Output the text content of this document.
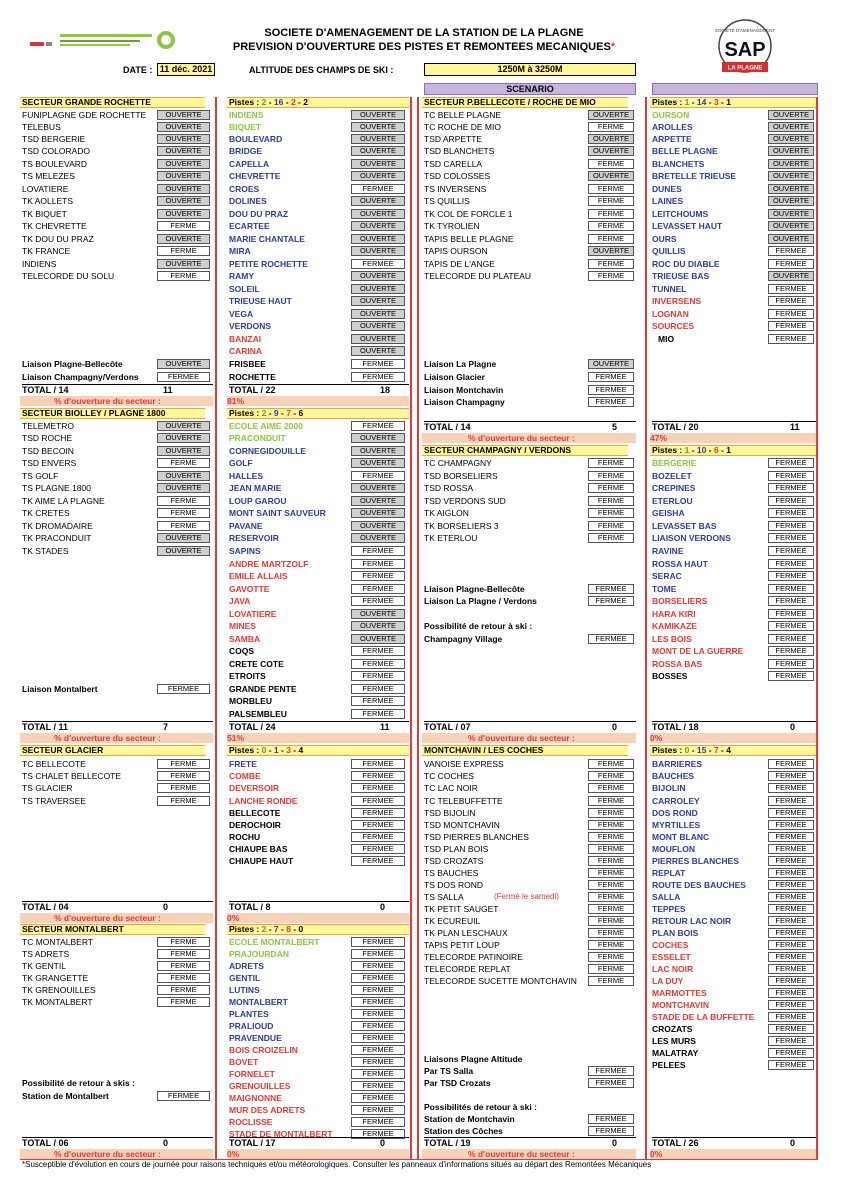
SOCIETE D'AMENAGEMENT DE LA STATION DE LA PLAGNE
PREVISION D'OUVERTURE DES PISTES ET REMONTEES MECANIQUES*
SOCIÉTÉ D'AMÉNAGEMENT
SAP
LA PLAGNE
DATE : 11 déc. 2021	ALTITUDE DES CHAMPS DE SKI :	1250M à 3250M
SCENARIO
SECTEUR GRANDE ROCHETTE
FUNIPLAGNE GDE ROCHETTE	OUVERTE
TELEBUS	OUVERTE
TSD BERGERIE	OUVERTE
TSD COLORADO	OUVERTE
TS BOULEVARD	OUVERTE
TS MELEZES	OUVERTE
LOVATIERE	OUVERTE
TK AOLLETS	OUVERTE
TK BIQUET	OUVERTE
TK CHEVRETTE	FERME
TK DOU DU PRAZ	OUVERTE
TK FRANCE	FERME
INDIENS	OUVERTE
TELECORDE DU SOLU	FERME
Liaison Plagne-Bellecôte	OUVERTE
Liaison Champagny/Verdons	FERMEE
TOTAL / 14	11
% d'ouverture du secteur :
SECTEUR BIOLLEY / PLAGNE 1800
TELEMETRO	OUVERTE
TSD ROCHE	OUVERTE
TSD BECOIN	OUVERTE
TSD ENVERS	FERME
TS GOLF	OUVERTE
TS PLAGNE 1800	OUVERTE
TK AIME LA PLAGNE	FERME
TK CRETES	FERME
TK DROMADAIRE	FERME
TK PRACONDUIT	OUVERTE
TK STADES	OUVERTE
Liaison Montalbert	FERMEE
TOTAL / 11	7
% d'ouverture du secteur :
SECTEUR GLACIER
TC BELLECOTE	FERME
TS CHALET BELLECOTE	FERME
TS GLACIER	FERME
TS TRAVERSEE	FERME
TOTAL / 04	0
% d'ouverture du secteur :
SECTEUR MONTALBERT
TC MONTALBERT	FERME
TS ADRETS	FERME
TK GENTIL	FERME
TK GRANGETTE	FERME
TK GRENOUILLES	FERME
TK MONTALBERT	FERME
Possibilité de retour à skis :
Station de Montalbert	FERMEE
TOTAL / 06	0
% d'ouverture du secteur :
Pistes : 2 - 16 - 2 - 2
INDIENS	OUVERTE
BIQUET	OUVERTE
BOULEVARD	OUVERTE
BRIDGE	OUVERTE
CAPELLA	OUVERTE
CHEVRETTE	OUVERTE
CROES	FERMEE
DOLINES	OUVERTE
DOU DU PRAZ	OUVERTE
ECARTEE	OUVERTE
MARIE CHANTALE	OUVERTE
MIRA	OUVERTE
PETITE ROCHETTE	FERMEE
RAMY	OUVERTE
SOLEIL	OUVERTE
TRIEUSE HAUT	OUVERTE
VEGA	OUVERTE
VERDONS	OUVERTE
BANZAI	OUVERTE
CARINA	OUVERTE
FRISBEE	FERMEE
ROCHETTE	FERMEE
TOTAL / 22	18
81%
Pistes : 2 - 9 - 7 - 6
ECOLE AIME 2000	FERMEE
PRACONDUIT	OUVERTE
CORNEGIDOUILLE	OUVERTE
GOLF	OUVERTE
HALLES	FERMEE
JEAN MARIE	OUVERTE
LOUP GAROU	OUVERTE
MONT SAINT SAUVEUR	OUVERTE
PAVANE	OUVERTE
RESERVOIR	OUVERTE
SAPINS	FERMEE
ANDRE MARTZOLF	FERMEE
EMILE ALLAIS	FERMEE
GAVOTTE	FERMEE
JAVA	FERMEE
LOVATIERE	OUVERTE
MINES	OUVERTE
SAMBA	OUVERTE
COQS	FERMEE
CRETE COTE	FERMEE
ETROITS	FERMEE
GRANDE PENTE	FERMEE
MORBLEU	FERMEE
PALSEMBLEU	FERMEE
TOTAL / 24	11
51%
Pistes : 0 - 1 - 3 - 4
FRETE	FERMEE
COMBE	FERMEE
DEVERSOIR	FERMEE
LANCHE RONDE	FERMEE
BELLECOTE	FERMEE
DEROCHOIR	FERMEE
ROCHU	FERMEE
CHIAUPE BAS	FERMEE
CHIAUPE HAUT	FERMEE
TOTAL / 8	0
0%
Pistes : 2 - 7 - 8 - 0
ECOLE MONTALBERT	FERMEE
PRAJOURDAN	FERMEE
ADRETS	FERMEE
GENTIL	FERMEE
LUTINS	FERMEE
MONTALBERT	FERMEE
PLANTES	FERMEE
PRALIOUD	FERMEE
PRAVENDUE	FERMEE
BOIS CROIZELIN	FERMEE
BOVET	FERMEE
FORNELET	FERMEE
GRENOUILLES	FERMEE
MAIGNONNE	FERMEE
MUR DES ADRETS	FERMEE
ROCLISSE	FERMEE
STADE DE MONTALBERT	FERMEE
TOTAL / 17	0
0%
SECTEUR P.BELLECOTE / ROCHE DE MIO
TC BELLE PLAGNE	OUVERTE
TC ROCHE DE MIO	FERME
TSD ARPETTE	OUVERTE
TSD BLANCHETS	OUVERTE
TSD CARELLA	FERME
TSD COLOSSES	OUVERTE
TS INVERSENS	FERME
TS QUILLIS	FERME
TK COL DE FORCLE 1	FERME
TK TYROLIEN	FERME
TAPIS BELLE PLAGNE	FERME
TAPIS OURSON	OUVERTE
TAPIS DE L'ANGE	FERME
TELECORDE DU PLATEAU	FERME
Liaison La Plagne	OUVERTE
Liaison Glacier	FERMEE
Liaison Montchavin	FERMEE
Liaison Champagny	FERMEE
TOTAL / 14	5
% d'ouverture du secteur :
SECTEUR CHAMPAGNY / VERDONS
TC CHAMPAGNY	FERME
TSD BORSELIERS	FERME
TSD ROSSA	FERME
TSD VERDONS SUD	FERME
TK AIGLON	FERME
TK BORSELIERS 3	FERME
TK ETERLOU	FERME
Liaison Plagne-Bellecôte	FERMEE
Liaison La Plagne / Verdons	FERMEE
Possibilité de retour à ski :
Champagny Village	FERMEE
TOTAL / 07	0
% d'ouverture du secteur :
MONTCHAVIN / LES COCHES
VANOISE EXPRESS	FERME
TC COCHES	FERME
TC LAC NOIR	FERME
TC TELEBUFFETTE	FERME
TSD BIJOLIN	FERME
TSD MONTCHAVIN	FERME
TSD PIERRES BLANCHES	FERME
TSD PLAN BOIS	FERME
TSD CROZATS	FERME
TS BAUCHES	FERME
TS DOS ROND	FERME
TS SALLA	(Fermé le samedi)	FERME
TK PETIT SAUGET	FERME
TK ECUREUIL	FERME
TK PLAN LESCHAUX	FERME
TAPIS PETIT LOUP	FERME
TELECORDE PATINOIRE	FERME
TELECORDE REPLAT	FERME
TELECORDE SUCETTE MONTCHAVIN	FERME
Liaisons Plagne Altitude
Par TS Salla	FERMEE
Par TSD Crozats	FERMEE
Possibilités de retour à ski :
Station de Montchavin	FERMEE
Station des Côches	FERMEE
TOTAL / 19	0
% d'ouverture du secteur :
Pistes : 1 - 14 - 3 - 1
OURSON	OUVERTE
AROLLES	OUVERTE
ARPETTE	OUVERTE
BELLE PLAGNE	OUVERTE
BLANCHETS	OUVERTE
BRETELLE TRIEUSE	OUVERTE
DUNES	OUVERTE
LAINES	OUVERTE
LEITCHOUMS	OUVERTE
LEVASSET HAUT	OUVERTE
OURS	OUVERTE
QUILLIS	FERMEE
ROC DU DIABLE	FERMEE
TRIEUSE BAS	OUVERTE
TUNNEL	FERMEE
INVERSENS	FERMEE
LOGNAN	FERMEE
SOURCES	FERMEE
MIO	FERMEE
TOTAL / 20	11
47%
Pistes : 1 - 10 - 6 - 1
BERGERIE	FERMEE
BOZELET	FERMEE
CREPINES	FERMEE
ETERLOU	FERMEE
GEISHA	FERMEE
LEVASSET BAS	FERMEE
LIAISON VERDONS	FERMEE
RAVINE	FERMEE
ROSSA HAUT	FERMEE
SERAC	FERMEE
TOME	FERMEE
BORSELIERS	FERMEE
HARA KIRI	FERMEE
KAMIKAZE	FERMEE
LES BOIS	FERMEE
MONT DE LA GUERRE	FERMEE
ROSSA BAS	FERMEE
BOSSES	FERMEE
TOTAL / 18	0
0%
Pistes : 0 - 15 - 7 - 4
BARRIERES	FERMEE
BAUCHES	FERMEE
BIJOLIN	FERMEE
CARROLEY	FERMEE
DOS ROND	FERMEE
MYRTILLES	FERMEE
MONT BLANC	FERMEE
MOUFLON	FERMEE
PIERRES BLANCHES	FERMEE
REPLAT	FERMEE
ROUTE DES BAUCHES	FERMEE
SALLA	FERMEE
TEPPES	FERMEE
RETOUR LAC NOIR	FERMEE
PLAN BOIS	FERMEE
COCHES	FERMEE
ESSELET	FERMEE
LAC NOIR	FERMEE
LA DUY	FERMEE
MARMOTTES	FERMEE
MONTCHAVIN	FERMEE
STADE DE LA BUFFETTE	FERMEE
CROZATS	FERMEE
LES MURS	FERMEE
MALATRAY	FERMEE
PELEES	FERMEE
TOTAL / 26	0
0%
*Susceptible d'évolution en cours de journée pour raisons techniques et/ou météorologiques. Consulter les panneaux d'informations situés au départ des Remontées Mécaniques
